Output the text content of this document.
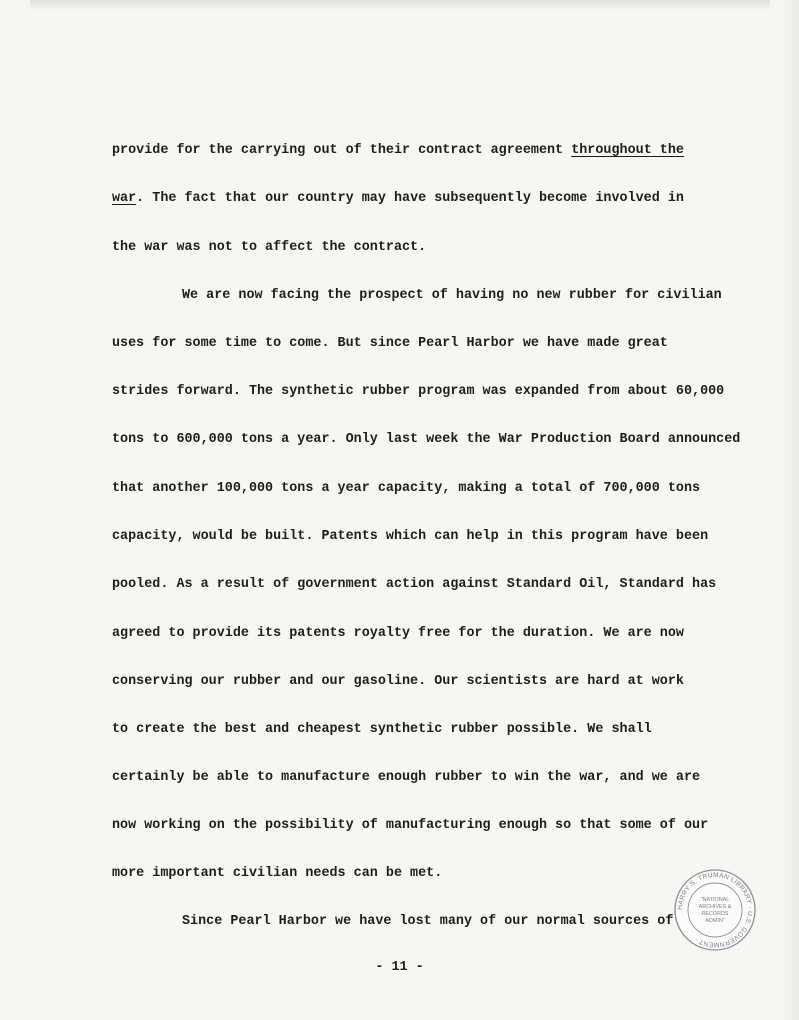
provide for the carrying out of their contract agreement throughout the
war. The fact that our country may have subsequently become involved in
the war was not to affect the contract.
We are now facing the prospect of having no new rubber for civilian
uses for some time to come. But since Pearl Harbor we have made great
strides forward. The synthetic rubber program was expanded from about 60,000
tons to 600,000 tons a year. Only last week the War Production Board announced
that another 100,000 tons a year capacity, making a total of 700,000 tons
capacity, would be built. Patents which can help in this program have been
pooled. As a result of government action against Standard Oil, Standard has
agreed to provide its patents royalty free for the duration. We are now
conserving our rubber and our gasoline. Our scientists are hard at work
to create the best and cheapest synthetic rubber possible. We shall
certainly be able to manufacture enough rubber to win the war, and we are
now working on the possibility of manufacturing enough so that some of our
more important civilian needs can be met.
Since Pearl Harbor we have lost many of our normal sources of
- 11 -
HARRY S. TRUMAN LIBRARY · U.S. GOVERNMENT ·
"NATIONAL
ARCHIVES &
RECORDS
ADMIN"
